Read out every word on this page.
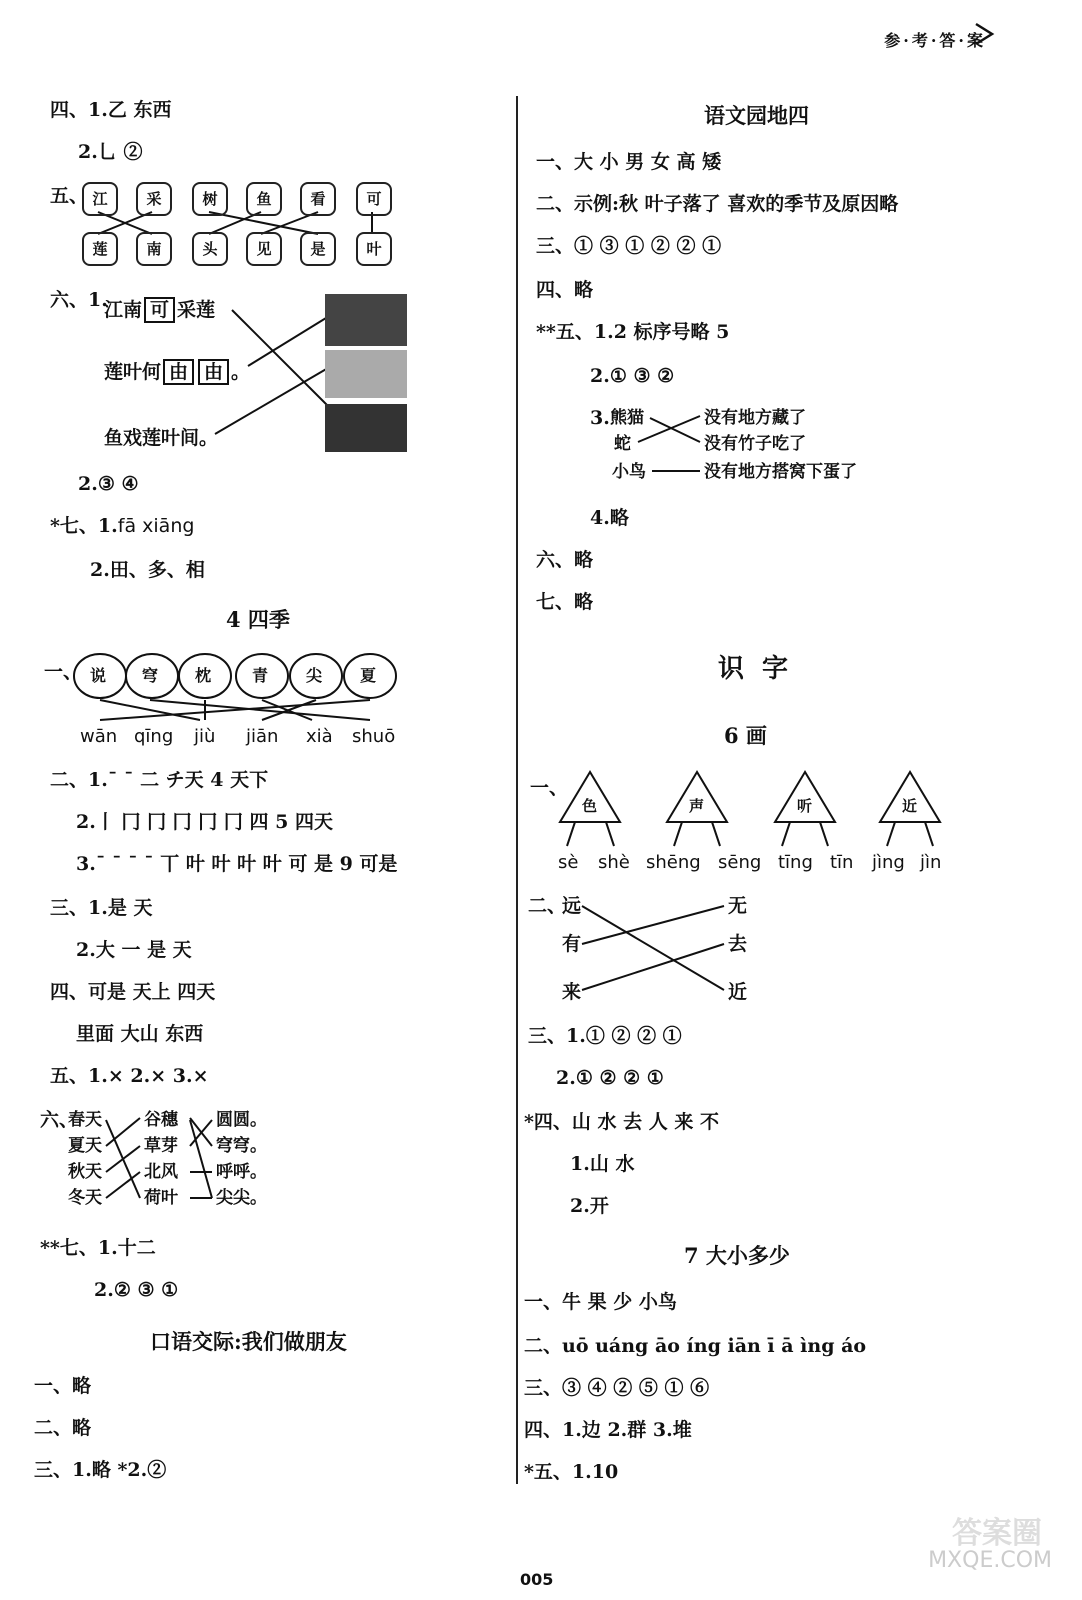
参·考·答·案
四、1.乙 东西
2.乚 ②
五、 江	采	树	鱼	看	可
莲	南	头	见	是	叶
六、1.
江南 可 采莲
莲叶何 由 由 。
鱼戏莲叶间。
2.③ ④
*七、1.fā xiāng
2.田、多、相
4 四季
一、 说 穹 枕	青 尖 夏
wān qīng jiù jiān xià shuō
二、1.¯ ¯ 二 チ天 4 天下
2.丨 冂 冂 冂 冂 冂 四 5 四天
3.¯ ¯ ¯ ¯ 丅 叶 叶 叶 叶 可 是 9 可是
三、1.是 天
2.大 一 是 天
四、可是 天上 四天
里面 大山 东西
五、1.× 2.× 3.×
六、
春天
夏天
秋天
冬天
谷穗
草芽
北风
荷叶
圆圆。
穹穹。
呼呼。
尖尖。
**七、1.十二
2.② ③ ①
口语交际:我们做朋友
一、略
二、略
三、1.略 *2.②
语文园地四
一、大 小 男 女 高 矮
二、示例:秋 叶子落了 喜欢的季节及原因略
三、① ③ ① ② ② ①
四、略
**五、1.2 标序号略 5
2.① ③ ②
3. 熊猫
蛇
小鸟
没有地方藏了
没有竹子吃了
没有地方搭窝下蛋了
4.略
六、略
七、略
识字
6 画
一、
色	声	听	近
sè shè shēng sēng tīng tīn jìng jìn
二、
远
有
来
无
去
近
三、1.① ② ② ①
2.① ② ② ①
*四、山 水 去 人 来 不
1.山 水
2.开
7 大小多少
一、牛 果 少 小鸟
二、uō uáng āo íng iān ī ā ìng áo
三、③ ④ ② ⑤ ① ⑥
四、1.边 2.群 3.堆
*五、1.10
005
答案圈
MXQE.COM
